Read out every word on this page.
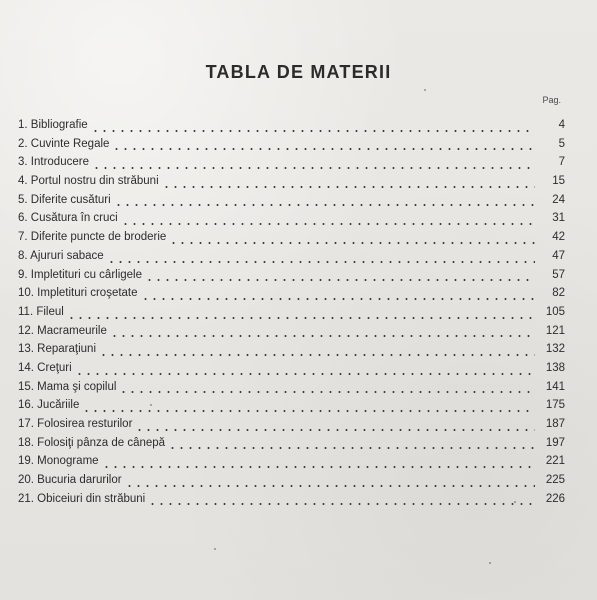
TABLA DE MATERII
Pag.
1. Bibliografie	4
2. Cuvinte Regale	5
3. Introducere	7
4. Portul nostru din străbuni	15
5. Diferite cusături	24
6. Cusătura în cruci	31
7. Diferite puncte de broderie	42
8. Ajururi sabace	47
9. Impletituri cu cârligele	57
10. Impletituri croşetate	82
11. Fileul	105
12. Macrameurile	121
13. Reparaţiuni	132
14. Creţuri	138
15. Mama şi copilul	141
16. Jucăriile	175
17. Folosirea resturilor	187
18. Folosiţi pânza de cânepă	197
19. Monograme	221
20. Bucuria darurilor	225
21. Obiceiuri din străbuni	226
